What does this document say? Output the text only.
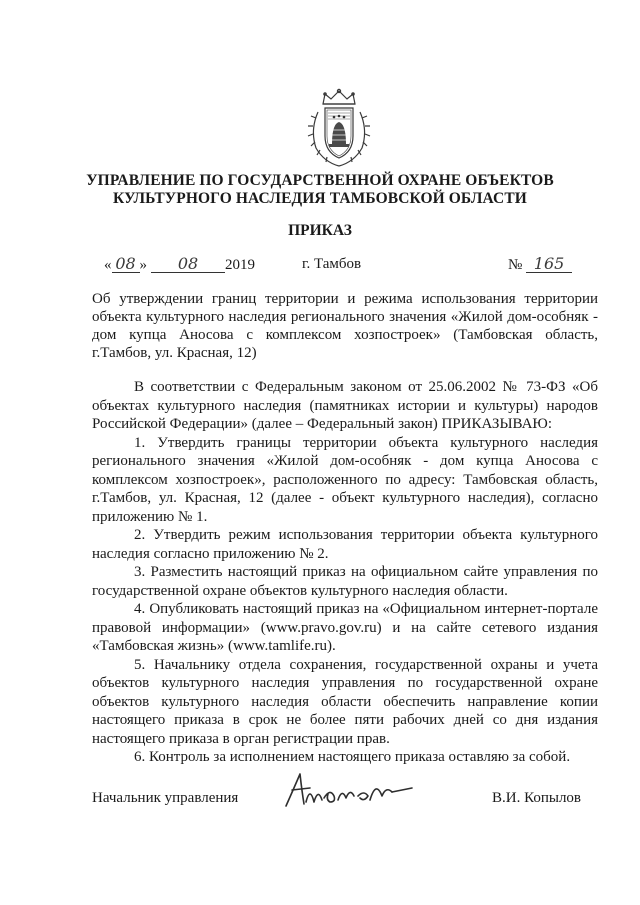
УПРАВЛЕНИЕ ПО ГОСУДАРСТВЕННОЙ ОХРАНЕ ОБЪЕКТОВ
КУЛЬТУРНОГО НАСЛЕДИЯ ТАМБОВСКОЙ ОБЛАСТИ
ПРИКАЗ
« 08 » 08 2019	г. Тамбов	№ 165
Об утверждении границ территории и режима использования территории
объекта культурного наследия регионального значения «Жилой дом-особняк -
дом купца Аносова с комплексом хозпостроек» (Тамбовская область,
г.Тамбов, ул. Красная, 12)

В соответствии с Федеральным законом от 25.06.2002 № 73-ФЗ «Об объектах культурного наследия (памятниках истории и культуры) народов Российской Федерации» (далее – Федеральный закон) ПРИКАЗЫВАЮ:

1. Утвердить границы территории объекта культурного наследия регионального значения «Жилой дом-особняк - дом купца Аносова с комплексом хозпостроек», расположенного по адресу: Тамбовская область, г.Тамбов, ул. Красная, 12 (далее - объект культурного наследия), согласно приложению № 1.

2. Утвердить режим использования территории объекта культурного наследия согласно приложению № 2.

3. Разместить настоящий приказ на официальном сайте управления по государственной охране объектов культурного наследия области.

4. Опубликовать настоящий приказ на «Официальном интернет-портале правовой информации» (www.pravo.gov.ru) и на сайте сетевого издания «Тамбовская жизнь» (www.tamlife.ru).

5. Начальнику отдела сохранения, государственной охраны и учета объектов культурного наследия управления по государственной охране объектов культурного наследия области обеспечить направление копии настоящего приказа в срок не более пяти рабочих дней со дня издания настоящего приказа в орган регистрации прав.

6. Контроль за исполнением настоящего приказа оставляю за собой.

Начальник управления	В.И. Копылов
